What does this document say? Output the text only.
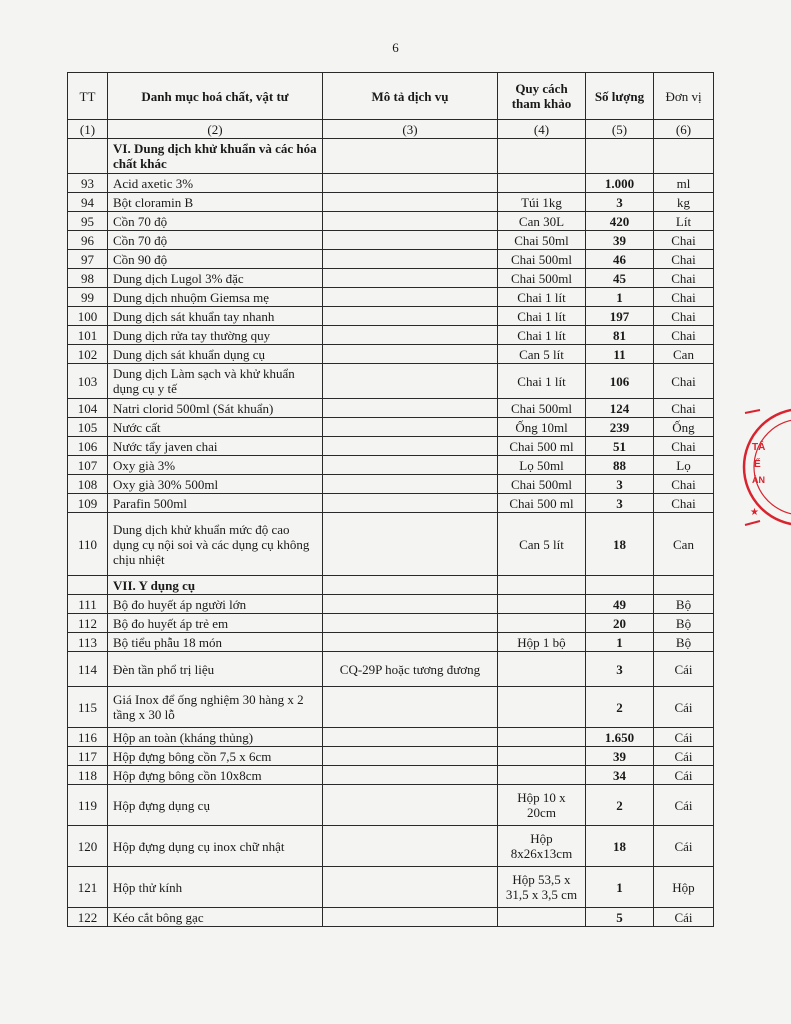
6
TT	Danh mục hoá chất, vật tư	Mô tả dịch vụ	Quy cách tham khảo	Số lượng	Đơn vị
(1)	(2)	(3)	(4)	(5)	(6)
	VI. Dung dịch khử khuẩn và các hóa chất khác				
93	Acid axetic 3%			1.000	ml
94	Bột cloramin B		Túi 1kg	3	kg
95	Cồn 70 độ		Can 30L	420	Lít
96	Cồn 70 độ		Chai 50ml	39	Chai
97	Cồn 90 độ		Chai 500ml	46	Chai
98	Dung dịch Lugol 3% đặc		Chai 500ml	45	Chai
99	Dung dịch nhuộm Giemsa mẹ		Chai 1 lít	1	Chai
100	Dung dịch sát khuẩn tay nhanh		Chai 1 lít	197	Chai
101	Dung dịch rửa tay thường quy		Chai 1 lít	81	Chai
102	Dung dịch sát khuẩn dụng cụ		Can 5 lít	11	Can
103	Dung dịch Làm sạch và khử khuẩn dụng cụ y tế		Chai 1 lít	106	Chai
104	Natri clorid 500ml (Sát khuẩn)		Chai 500ml	124	Chai
105	Nước cất		Ống 10ml	239	Ống
106	Nước tẩy javen chai		Chai 500 ml	51	Chai
107	Oxy già 3%		Lọ 50ml	88	Lọ
108	Oxy già 30% 500ml		Chai 500ml	3	Chai
109	Parafin 500ml		Chai 500 ml	3	Chai
110	Dung dịch khử khuẩn mức độ cao dụng cụ nội soi và các dụng cụ không chịu nhiệt		Can 5 lít	18	Can
	VII. Y dụng cụ				
111	Bộ đo huyết áp người lớn			49	Bộ
112	Bộ đo huyết áp trẻ em			20	Bộ
113	Bộ tiểu phẫu 18 món		Hộp 1 bộ	1	Bộ
114	Đèn tần phổ trị liệu	CQ-29P hoặc tương đương		3	Cái
115	Giá Inox để ống nghiệm 30 hàng x 2 tầng x 30 lỗ			2	Cái
116	Hộp an toàn (kháng thủng)			1.650	Cái
117	Hộp đựng bông cồn 7,5 x 6cm			39	Cái
118	Hộp đựng bông cồn 10x8cm			34	Cái
119	Hộp đựng dụng cụ		Hộp 10 x 20cm	2	Cái
120	Hộp đựng dụng cụ inox chữ nhật		Hộp 8x26x13cm	18	Cái
121	Hộp thử kính		Hộp 53,5 x 31,5 x 3,5 cm	1	Hộp
122	Kéo cắt bông gạc			5	Cái
TÂ
Ế
ÀN
★
